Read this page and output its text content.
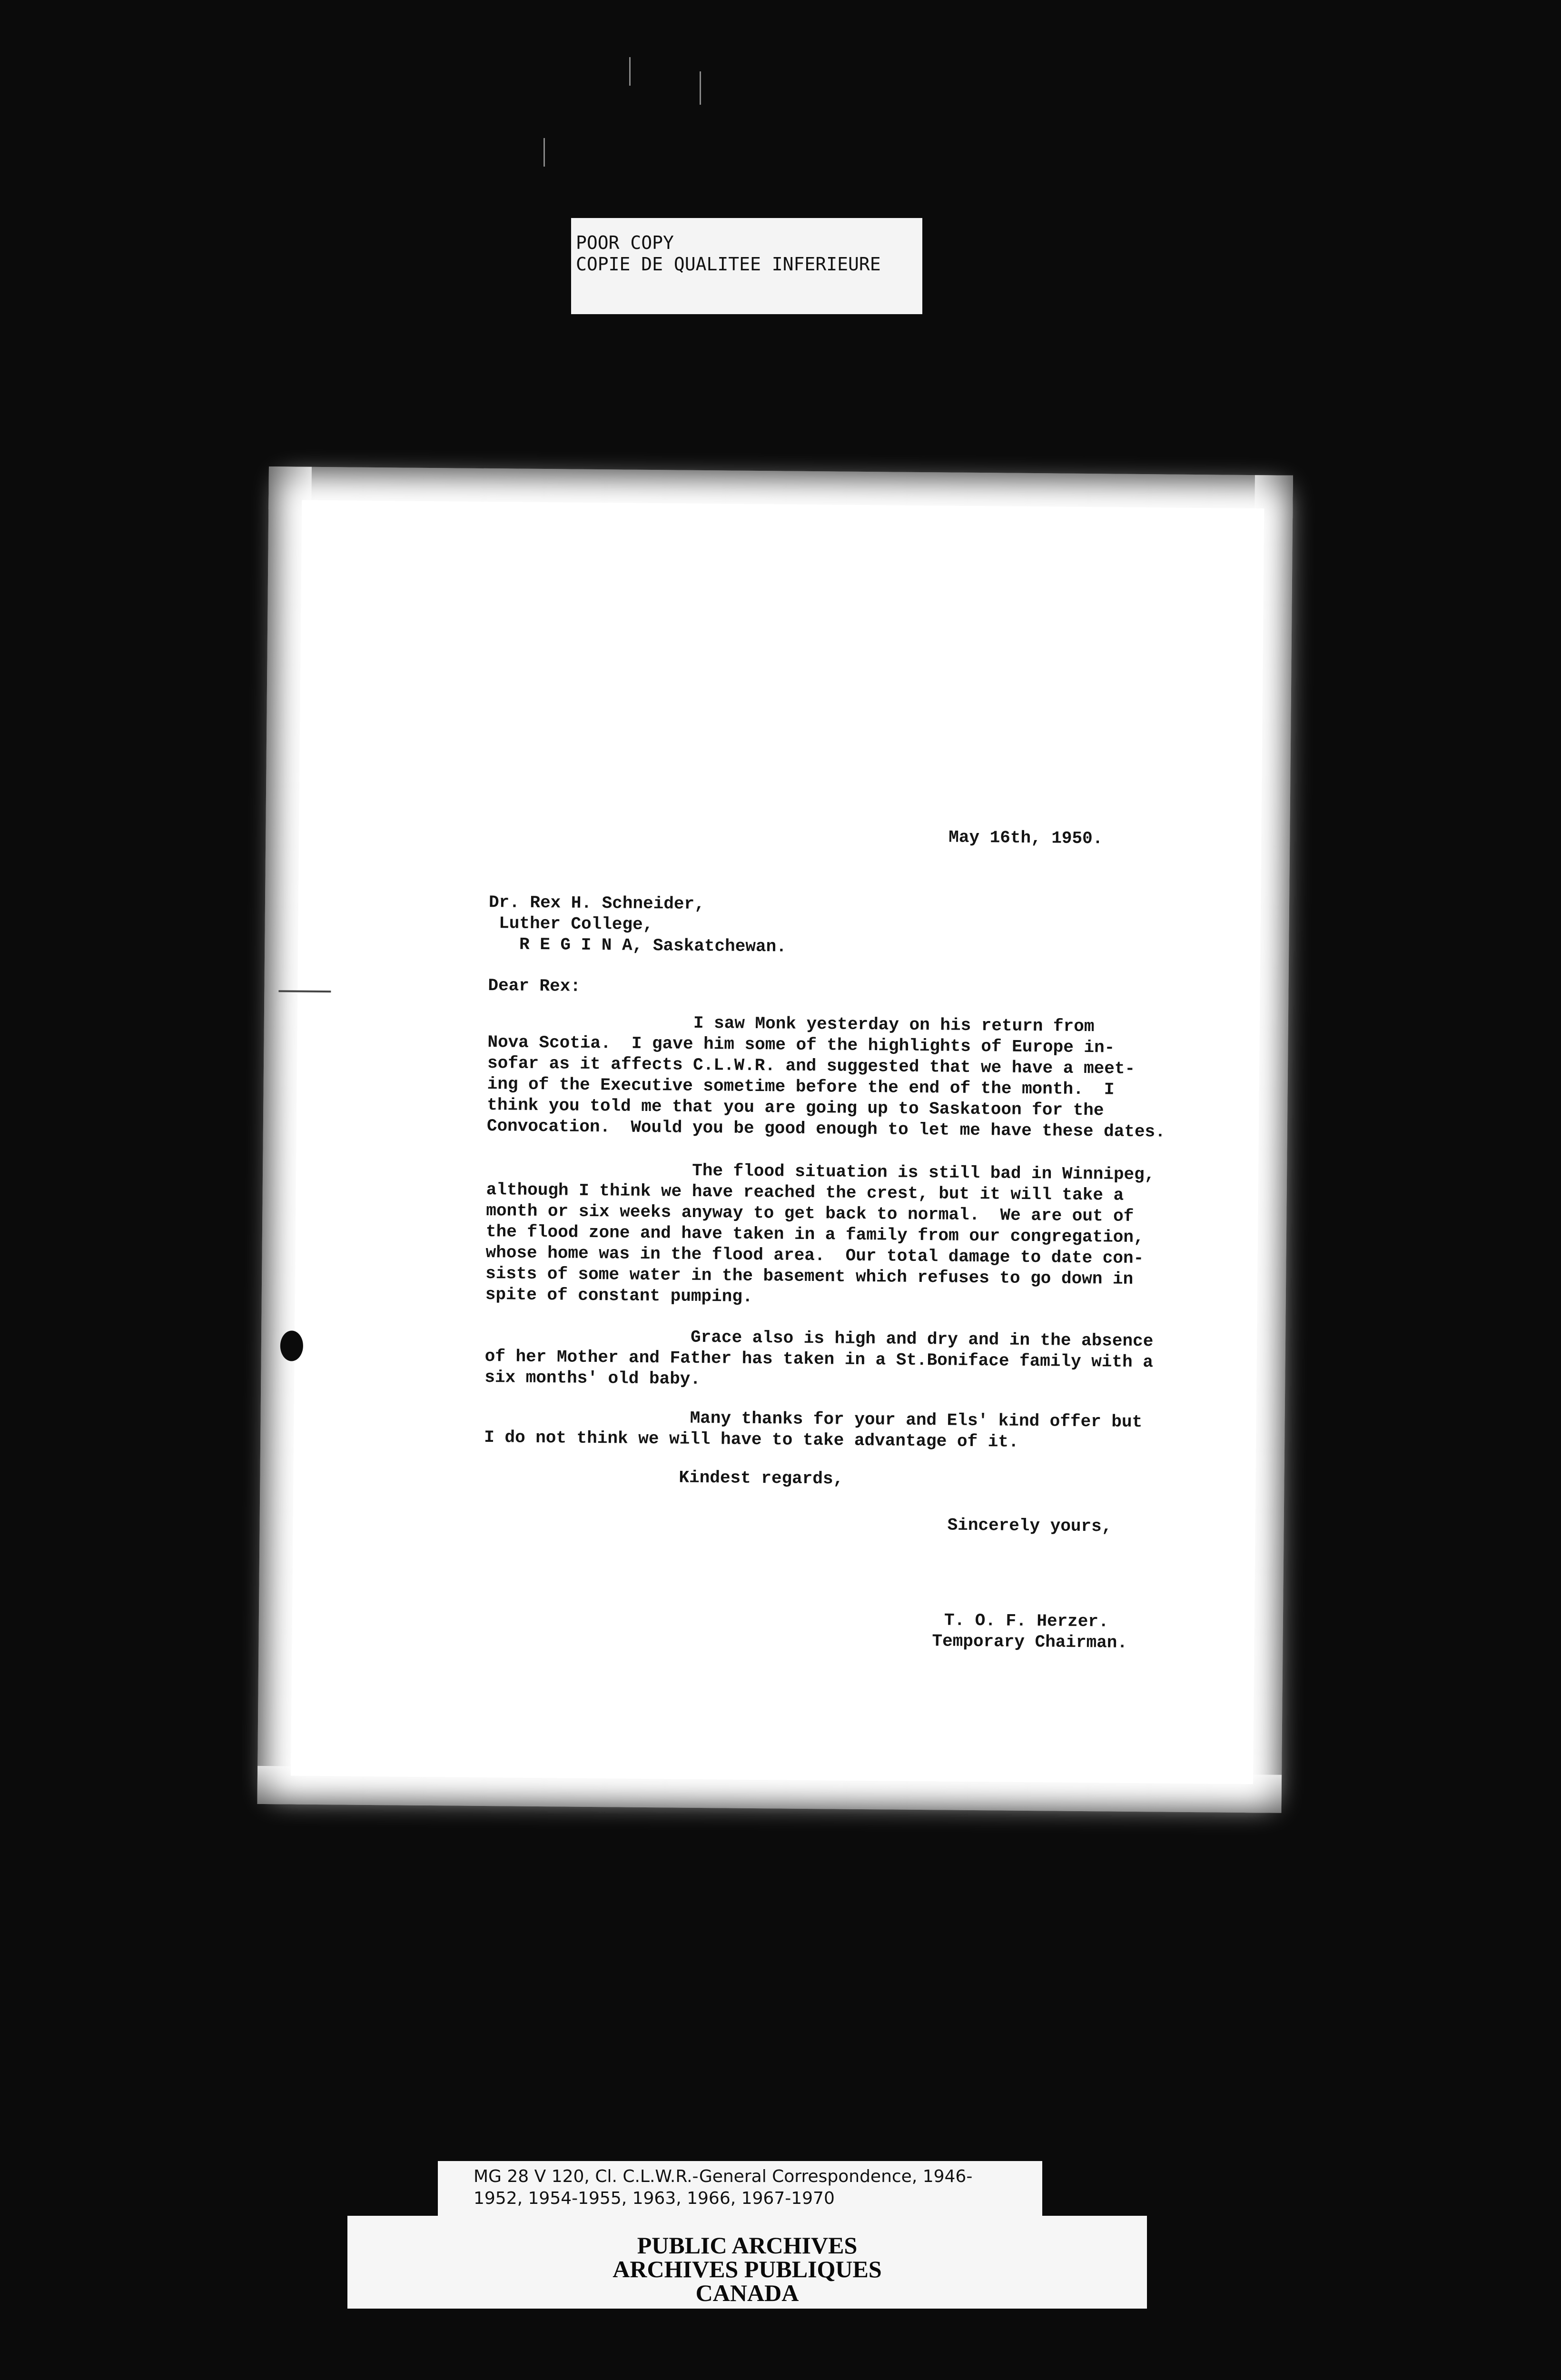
POOR COPY
COPIE DE QUALITEE INFERIEURE
May 16th, 1950.
Dr. Rex H. Schneider,
Luther College,
R E G I N A, Saskatchewan.
Dear Rex:
I saw Monk yesterday on his return from
Nova Scotia.  I gave him some of the highlights of Europe in-
sofar as it affects C.L.W.R. and suggested that we have a meet-
ing of the Executive sometime before the end of the month.  I
think you told me that you are going up to Saskatoon for the
Convocation.  Would you be good enough to let me have these dates.
The flood situation is still bad in Winnipeg,
although I think we have reached the crest, but it will take a
month or six weeks anyway to get back to normal.  We are out of
the flood zone and have taken in a family from our congregation,
whose home was in the flood area.  Our total damage to date con-
sists of some water in the basement which refuses to go down in
spite of constant pumping.
Grace also is high and dry and in the absence
of her Mother and Father has taken in a St.Boniface family with a
six months' old baby.
Many thanks for your and Els' kind offer but
I do not think we will have to take advantage of it.
Kindest regards,
Sincerely yours,
T. O. F. Herzer.
Temporary Chairman.
MG 28 V 120, Cl. C.L.W.R.-General Correspondence, 1946-
1952, 1954-1955, 1963, 1966, 1967-1970
PUBLIC ARCHIVES
ARCHIVES PUBLIQUES
CANADA
